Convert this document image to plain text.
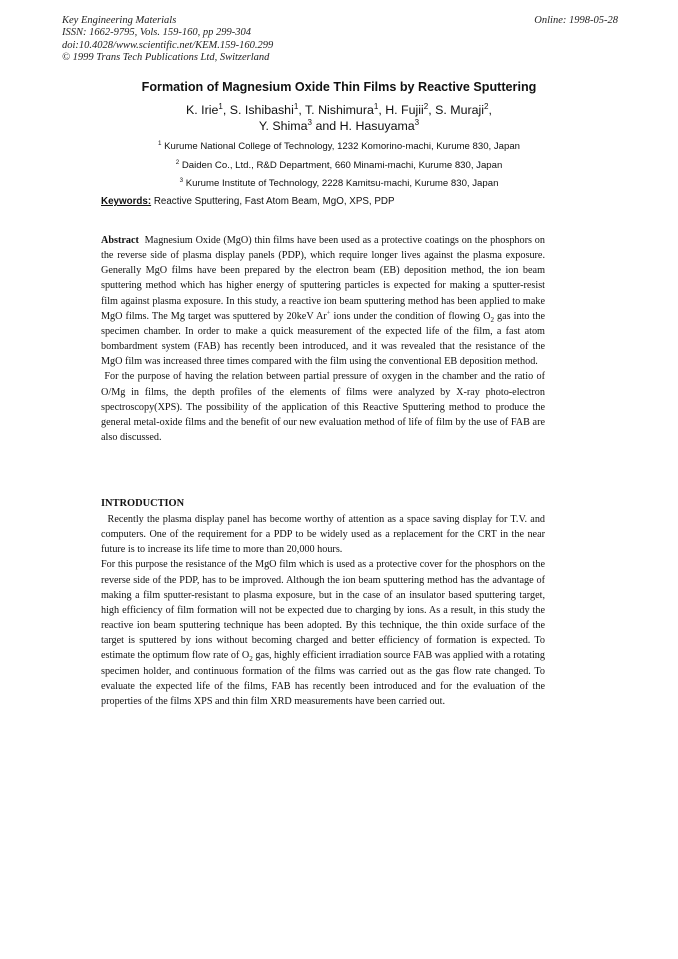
Key Engineering Materials
ISSN: 1662-9795, Vols. 159-160, pp 299-304
doi:10.4028/www.scientific.net/KEM.159-160.299
© 1999 Trans Tech Publications Ltd, Switzerland
Online: 1998-05-28
Formation of Magnesium Oxide Thin Films by Reactive Sputtering
K. Irie$^1$, S. Ishibashi$^1$, T. Nishimura$^1$, H. Fujii$^2$, S. Muraji$^2$,
Y. Shima$^3$ and H. Hasuyama$^3$
$^1$ Kurume National College of Technology, 1232 Komorino-machi, Kurume 830, Japan
$^2$ Daiden Co., Ltd., R&D Department, 660 Minami-machi, Kurume 830, Japan
$^3$ Kurume Institute of Technology, 2228 Kamitsu-machi, Kurume 830, Japan
Keywords: Reactive Sputtering, Fast Atom Beam, MgO, XPS, PDP

Abstract Magnesium Oxide (MgO) thin films have been used as a protective coatings on the phosphors on the reverse side of plasma display panels (PDP), which require longer lives against the plasma exposure. Generally MgO films have been prepared by the electron beam (EB) deposition method, the ion beam sputtering method which has higher energy of sputtering particles is expected for making a sputter-resist film against plasma exposure. In this study, a reactive ion beam sputtering method has been applied to make MgO films. The Mg target was sputtered by 20keV Ar+ ions under the condition of flowing $O_2$ gas into the specimen chamber. In order to make a quick measurement of the expected life of the film, a fast atom bombardment system (FAB) has recently been introduced, and it was revealed that the resistance of the MgO film was increased three times compared with the film using the conventional EB deposition method.

For the purpose of having the relation between partial pressure of oxygen in the chamber and the ratio of O/Mg in films, the depth profiles of the elements of films were analyzed by X-ray photo-electron spectroscopy(XPS). The possibility of the application of this Reactive Sputtering method to produce the general metal-oxide films and the benefit of our new evaluation method of life of film by the use of FAB are also discussed.

INTRODUCTION

Recently the plasma display panel has become worthy of attention as a space saving display for T.V. and computers. One of the requirement for a PDP to be widely used as a replacement for the CRT in the near future is to increase its life time to more than 20,000 hours.

For this purpose the resistance of the MgO film which is used as a protective cover for the phosphors on the reverse side of the PDP, has to be improved. Although the ion beam sputtering method has the advantage of making a film sputter-resistant to plasma exposure, but in the case of an insulator based sputtering target, high efficiency of film formation will not be expected due to charging by ions. As a result, in this study the reactive ion beam sputtering technique has been adopted. By this technique, the thin oxide surface of the target is sputtered by ions without becoming charged and better efficiency of formation is expected. To estimate the optimum flow rate of $O_2$ gas, highly efficient irradiation source FAB was applied with a rotating specimen holder, and continuous formation of the films was carried out as the gas flow rate changed. To evaluate the expected life of the films, FAB has recently been introduced and for the evaluation of the properties of the films XPS and thin film XRD measurements have been carried out.
